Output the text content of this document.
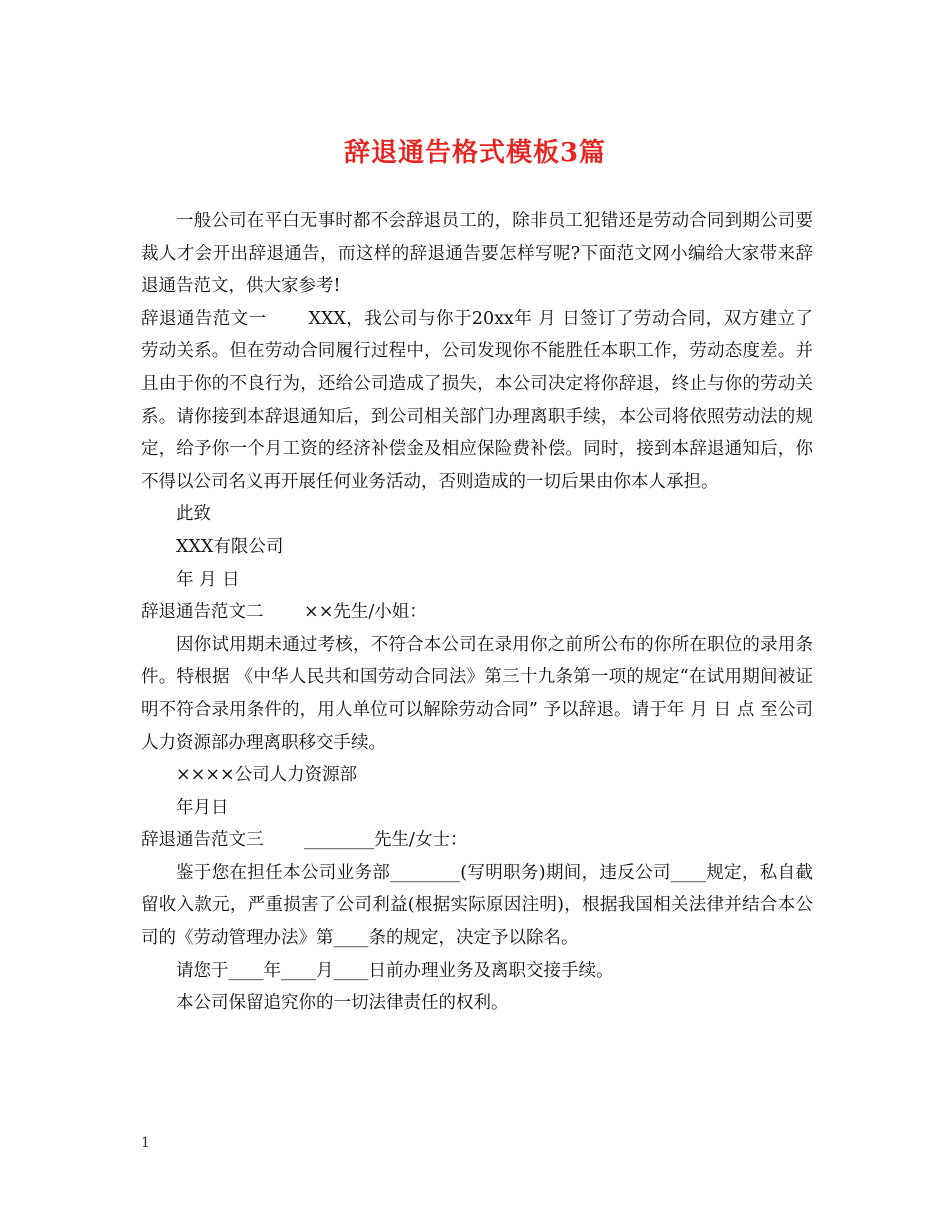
辞退通告格式模板3篇

一般公司在平白无事时都不会辞退员工的，除非员工犯错还是劳动合同到期公司要裁人才会开出辞退通告，而这样的辞退通告要怎样写呢?下面范文网小编给大家带来辞退通告范文，供大家参考!

辞退通告范文一　　 XXX，我公司与你于20xx年 月 日签订了劳动合同，双方建立了劳动关系。但在劳动合同履行过程中，公司发现你不能胜任本职工作，劳动态度差。并且由于你的不良行为，还给公司造成了损失，本公司决定将你辞退，终止与你的劳动关系。请你接到本辞退通知后，到公司相关部门办理离职手续，本公司将依照劳动法的规定，给予你一个月工资的经济补偿金及相应保险费补偿。同时，接到本辞退通知后，你不得以公司名义再开展任何业务活动，否则造成的一切后果由你本人承担。

此致

XXX有限公司

年 月 日

辞退通告范文二　　 ××先生/小姐：

因你试用期未通过考核，不符合本公司在录用你之前所公布的你所在职位的录用条件。特根据 《中华人民共和国劳动合同法》第三十九条第一项的规定“在试用期间被证明不符合录用条件的，用人单位可以解除劳动合同” 予以辞退。请于年 月 日 点 至公司人力资源部办理离职移交手续。

××××公司人力资源部

年月日

辞退通告范文三　　 ________先生/女士：

鉴于您在担任本公司业务部________(写明职务)期间，违反公司____规定，私自截留收入款元，严重损害了公司利益(根据实际原因注明)，根据我国相关法律并结合本公司的《劳动管理办法》第____条的规定，决定予以除名。

请您于____年____月____日前办理业务及离职交接手续。

本公司保留追究你的一切法律责任的权利。

1
